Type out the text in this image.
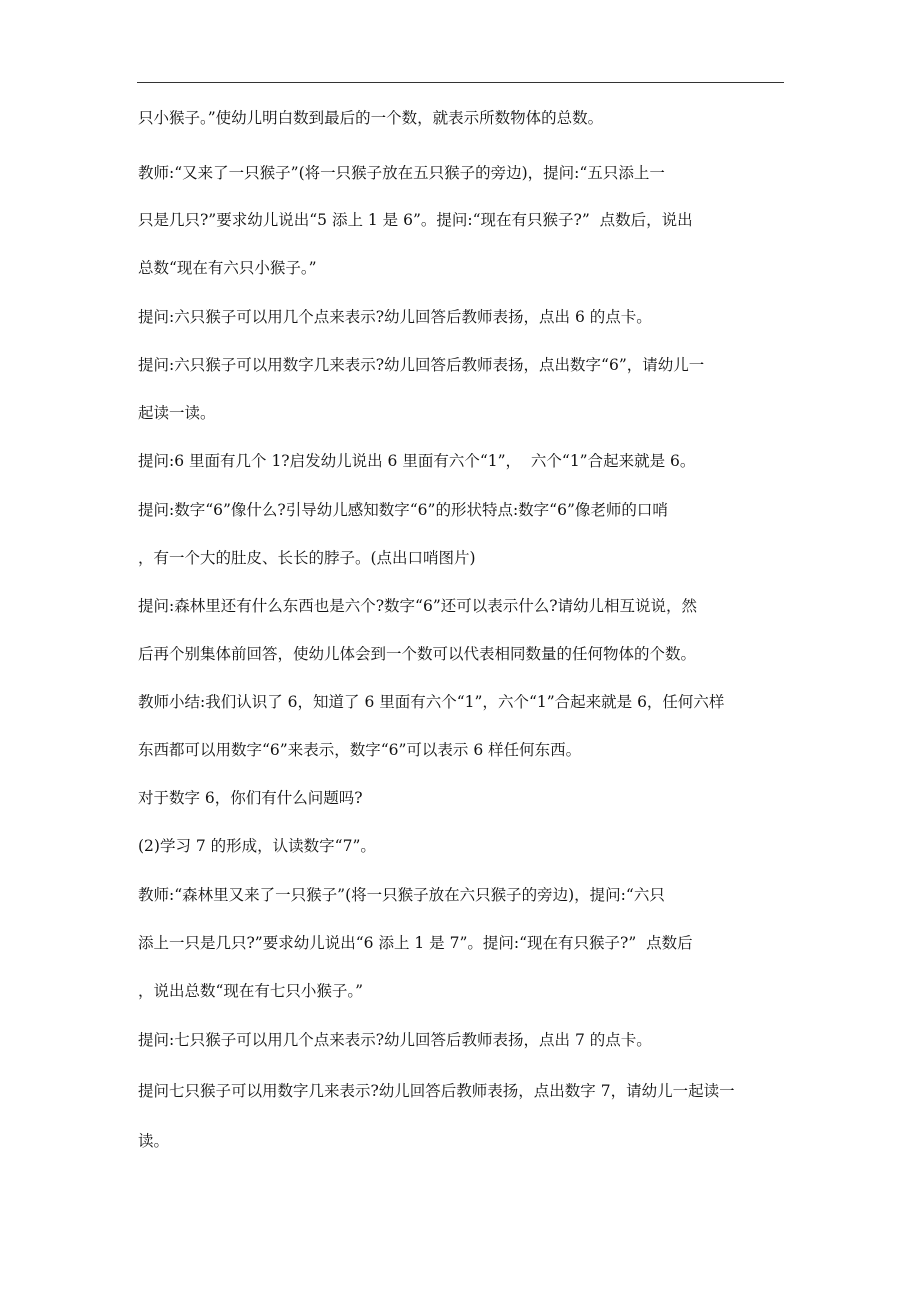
只小猴子。”使幼儿明白数到最后的一个数，就表示所数物体的总数。
教师:“又来了一只猴子”(将一只猴子放在五只猴子的旁边)，提问:“五只添上一
只是几只?”要求幼儿说出“5 添上 1 是 6”。提问:“现在有只猴子?”  点数后，说出
总数“现在有六只小猴子。”
提问:六只猴子可以用几个点来表示?幼儿回答后教师表扬，点出 6 的点卡。
提问:六只猴子可以用数字几来表示?幼儿回答后教师表扬，点出数字“6”，请幼儿一
起读一读。
提问:6 里面有几个 1?启发幼儿说出 6 里面有六个“1”，  六个“1”合起来就是 6。
提问:数字“6”像什么?引导幼儿感知数字“6”的形状特点:数字“6”像老师的口哨
，有一个大的肚皮、长长的脖子。(点出口哨图片)
提问:森林里还有什么东西也是六个?数字“6”还可以表示什么?请幼儿相互说说，然
后再个别集体前回答，使幼儿体会到一个数可以代表相同数量的任何物体的个数。
教师小结:我们认识了 6，知道了 6 里面有六个“1”，六个“1”合起来就是 6，任何六样
东西都可以用数字“6”来表示，数字“6”可以表示 6 样任何东西。
对于数字 6，你们有什么问题吗?
(2)学习 7 的形成，认读数字“7”。
教师:“森林里又来了一只猴子”(将一只猴子放在六只猴子的旁边)，提问:“六只
添上一只是几只?”要求幼儿说出“6 添上 1 是 7”。提问:“现在有只猴子?”  点数后
，说出总数“现在有七只小猴子。”
提问:七只猴子可以用几个点来表示?幼儿回答后教师表扬，点出 7 的点卡。
提问七只猴子可以用数字几来表示?幼儿回答后教师表扬，点出数字 7，请幼儿一起读一
读。
